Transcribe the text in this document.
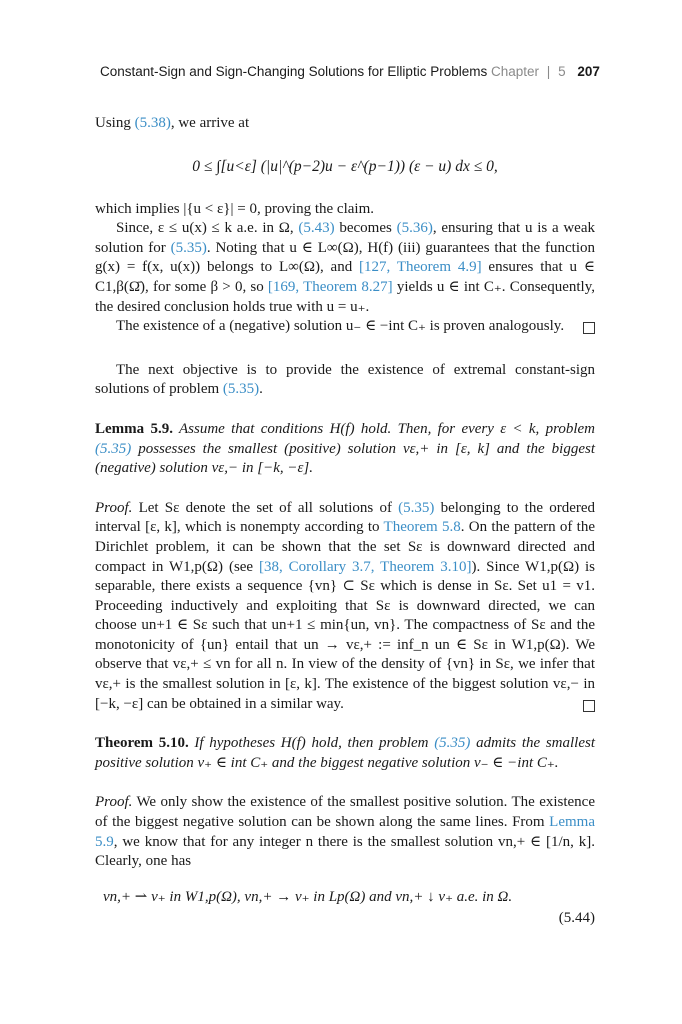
Constant-Sign and Sign-Changing Solutions for Elliptic Problems Chapter | 5 207

Using (5.38), we arrive at

0 ≤ ∫[u<ε] (|u|^(p−2)u − ε^(p−1)) (ε − u) dx ≤ 0,

which implies |{u < ε}| = 0, proving the claim.

Since, ε ≤ u(x) ≤ k a.e. in Ω, (5.43) becomes (5.36), ensuring that u is a weak solution for (5.35). Noting that u ∈ L∞(Ω), H(f) (iii) guarantees that the function g(x) = f(x, u(x)) belongs to L∞(Ω), and [127, Theorem 4.9] ensures that u ∈ C1,β(Ω̄), for some β > 0, so [169, Theorem 8.27] yields u ∈ int C₊. Consequently, the desired conclusion holds true with u = u₊.

The existence of a (negative) solution u₋ ∈ −int C₊ is proven analogously.

The next objective is to provide the existence of extremal constant-sign solutions of problem (5.35).

Lemma 5.9. Assume that conditions H(f) hold. Then, for every ε < k, problem (5.35) possesses the smallest (positive) solution vε,+ in [ε, k] and the biggest (negative) solution vε,− in [−k, −ε].

Proof. Let Sε denote the set of all solutions of (5.35) belonging to the ordered interval [ε, k], which is nonempty according to Theorem 5.8. On the pattern of the Dirichlet problem, it can be shown that the set Sε is downward directed and compact in W1,p(Ω) (see [38, Corollary 3.7, Theorem 3.10]). Since W1,p(Ω) is separable, there exists a sequence {vn} ⊂ Sε which is dense in Sε. Set u1 = v1. Proceeding inductively and exploiting that Sε is downward directed, we can choose un+1 ∈ Sε such that un+1 ≤ min{un, vn}. The compactness of Sε and the monotonicity of {un} entail that un → vε,+ := inf_n un ∈ Sε in W1,p(Ω). We observe that vε,+ ≤ vn for all n. In view of the density of {vn} in Sε, we infer that vε,+ is the smallest solution in [ε, k]. The existence of the biggest solution vε,− in [−k, −ε] can be obtained in a similar way.

Theorem 5.10. If hypotheses H(f) hold, then problem (5.35) admits the smallest positive solution v₊ ∈ int C₊ and the biggest negative solution v₋ ∈ −int C₊.

Proof. We only show the existence of the smallest positive solution. The existence of the biggest negative solution can be shown along the same lines. From Lemma 5.9, we know that for any integer n there is the smallest solution vn,+ ∈ [1/n, k]. Clearly, one has

vn,+ ⇀ v₊ in W1,p(Ω), vn,+ → v₊ in Lp(Ω) and vn,+ ↓ v₊ a.e. in Ω.
(5.44)
